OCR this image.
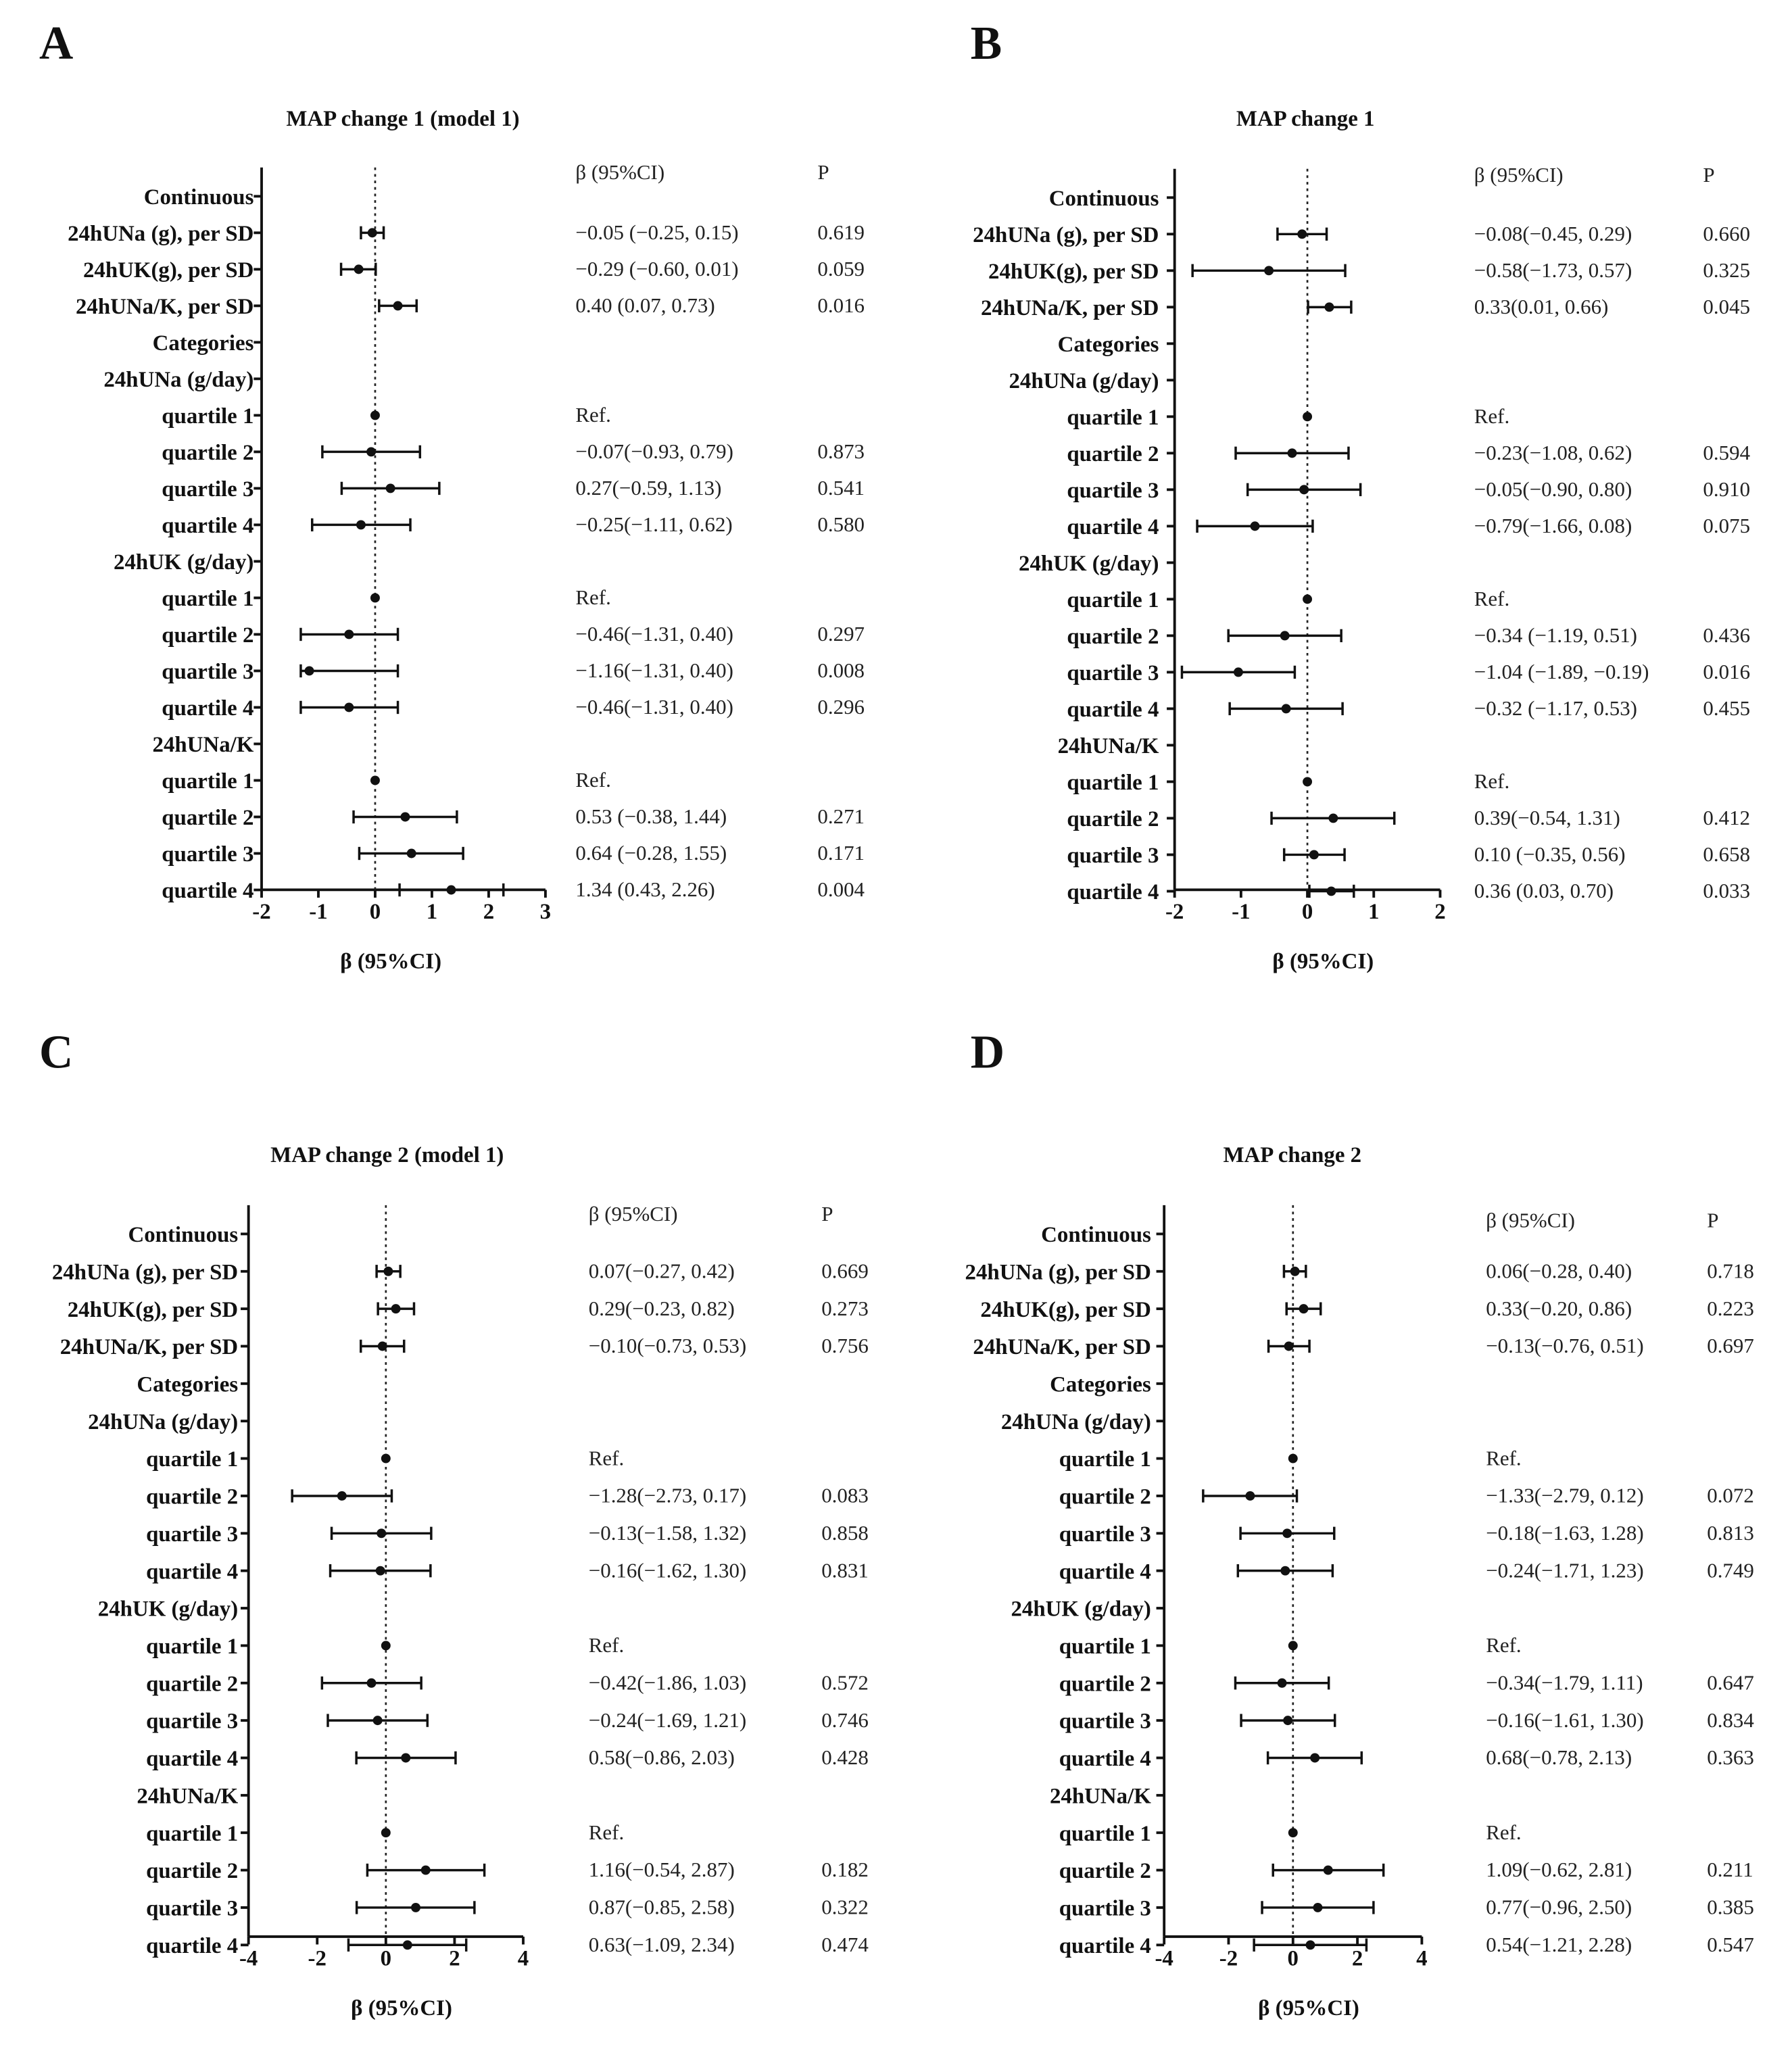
A
MAP change 1 (model 1)
β (95%CI)	P
-2	-1	0	1	2	3
β (95%CI)
Continuous
24hUNa (g), per SD	−0.05 (−0.25, 0.15)	0.619
24hUK(g), per SD	−0.29 (−0.60, 0.01)	0.059
24hUNa/K, per SD	0.40 (0.07, 0.73)	0.016
Categories
24hUNa (g/day)
quartile 1	Ref.
quartile 2	−0.07(−0.93, 0.79)	0.873
quartile 3	0.27(−0.59, 1.13)	0.541
quartile 4	−0.25(−1.11, 0.62)	0.580
24hUK (g/day)
quartile 1	Ref.
quartile 2	−0.46(−1.31, 0.40)	0.297
quartile 3	−1.16(−1.31, 0.40)	0.008
quartile 4	−0.46(−1.31, 0.40)	0.296
24hUNa/K
quartile 1	Ref.
quartile 2	0.53 (−0.38, 1.44)	0.271
quartile 3	0.64 (−0.28, 1.55)	0.171
quartile 4	1.34 (0.43, 2.26)	0.004
B
MAP change 1
β (95%CI)	P
-2	-1	0	1	2
β (95%CI)
Continuous
24hUNa (g), per SD	−0.08(−0.45, 0.29)	0.660
24hUK(g), per SD	−0.58(−1.73, 0.57)	0.325
24hUNa/K, per SD	0.33(0.01, 0.66)	0.045
Categories
24hUNa (g/day)
quartile 1	Ref.
quartile 2	−0.23(−1.08, 0.62)	0.594
quartile 3	−0.05(−0.90, 0.80)	0.910
quartile 4	−0.79(−1.66, 0.08)	0.075
24hUK (g/day)
quartile 1	Ref.
quartile 2	−0.34 (−1.19, 0.51)	0.436
quartile 3	−1.04 (−1.89, −0.19)	0.016
quartile 4	−0.32 (−1.17, 0.53)	0.455
24hUNa/K
quartile 1	Ref.
quartile 2	0.39(−0.54, 1.31)	0.412
quartile 3	0.10 (−0.35, 0.56)	0.658
quartile 4	0.36 (0.03, 0.70)	0.033
C
MAP change 2 (model 1)
β (95%CI)	P
-4	-2	0	2	4
β (95%CI)
Continuous
24hUNa (g), per SD	0.07(−0.27, 0.42)	0.669
24hUK(g), per SD	0.29(−0.23, 0.82)	0.273
24hUNa/K, per SD	−0.10(−0.73, 0.53)	0.756
Categories
24hUNa (g/day)
quartile 1	Ref.
quartile 2	−1.28(−2.73, 0.17)	0.083
quartile 3	−0.13(−1.58, 1.32)	0.858
quartile 4	−0.16(−1.62, 1.30)	0.831
24hUK (g/day)
quartile 1	Ref.
quartile 2	−0.42(−1.86, 1.03)	0.572
quartile 3	−0.24(−1.69, 1.21)	0.746
quartile 4	0.58(−0.86, 2.03)	0.428
24hUNa/K
quartile 1	Ref.
quartile 2	1.16(−0.54, 2.87)	0.182
quartile 3	0.87(−0.85, 2.58)	0.322
quartile 4	0.63(−1.09, 2.34)	0.474
D
MAP change 2
β (95%CI)	P
-4	-2	0	2	4
β (95%CI)
Continuous
24hUNa (g), per SD	0.06(−0.28, 0.40)	0.718
24hUK(g), per SD	0.33(−0.20, 0.86)	0.223
24hUNa/K, per SD	−0.13(−0.76, 0.51)	0.697
Categories
24hUNa (g/day)
quartile 1	Ref.
quartile 2	−1.33(−2.79, 0.12)	0.072
quartile 3	−0.18(−1.63, 1.28)	0.813
quartile 4	−0.24(−1.71, 1.23)	0.749
24hUK (g/day)
quartile 1	Ref.
quartile 2	−0.34(−1.79, 1.11)	0.647
quartile 3	−0.16(−1.61, 1.30)	0.834
quartile 4	0.68(−0.78, 2.13)	0.363
24hUNa/K
quartile 1	Ref.
quartile 2	1.09(−0.62, 2.81)	0.211
quartile 3	0.77(−0.96, 2.50)	0.385
quartile 4	0.54(−1.21, 2.28)	0.547
